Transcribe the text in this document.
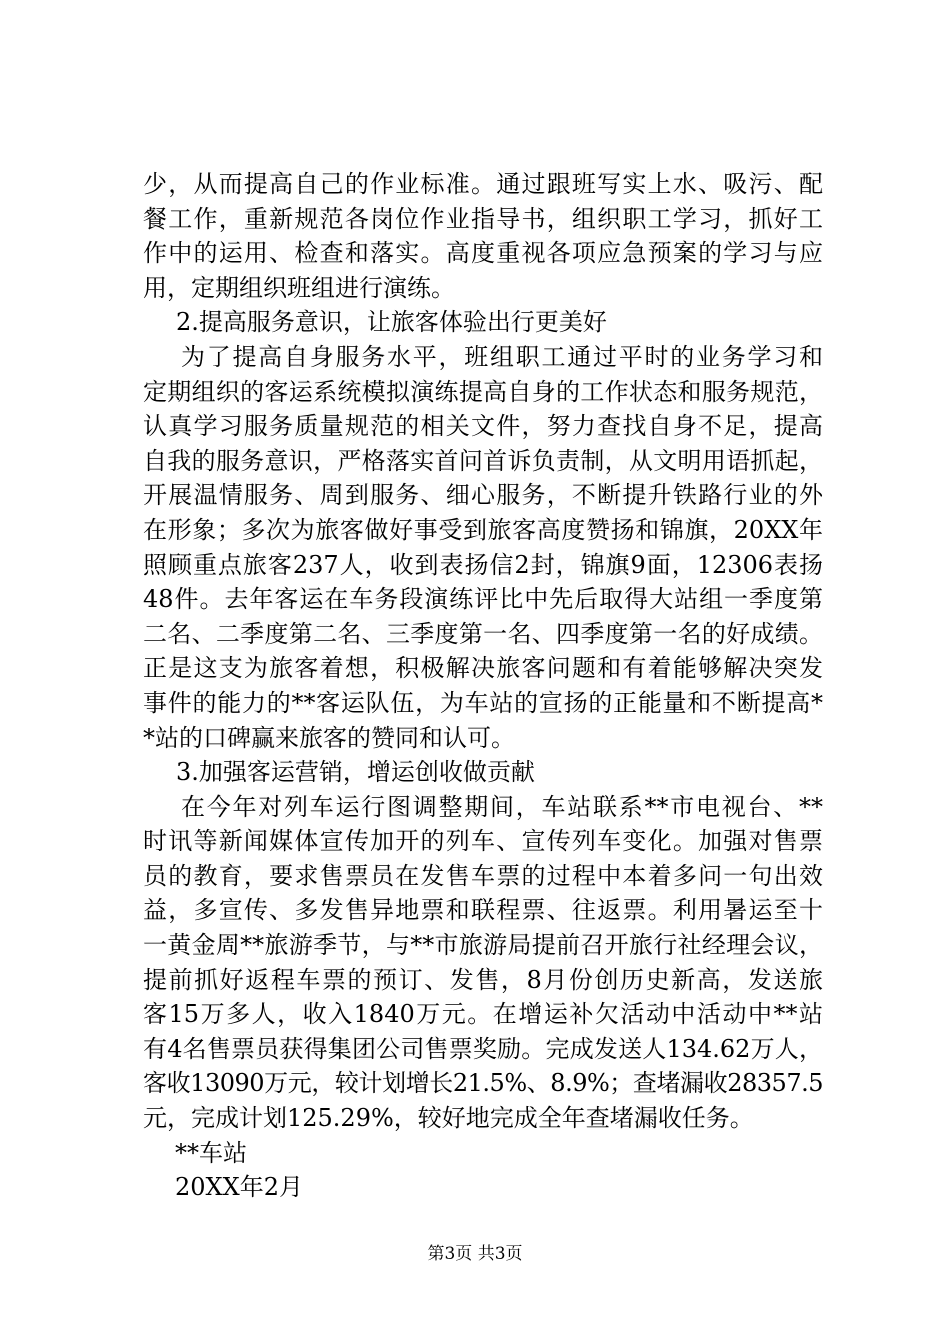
少，从而提高自己的作业标准。通过跟班写实上水、吸污、配
餐工作，重新规范各岗位作业指导书，组织职工学习，抓好工
作中的运用、检查和落实。高度重视各项应急预案的学习与应
用，定期组织班组进行演练。
2.提高服务意识，让旅客体验出行更美好
为了提高自身服务水平，班组职工通过平时的业务学习和
定期组织的客运系统模拟演练提高自身的工作状态和服务规范，
认真学习服务质量规范的相关文件，努力查找自身不足，提高
自我的服务意识，严格落实首问首诉负责制，从文明用语抓起，
开展温情服务、周到服务、细心服务，不断提升铁路行业的外
在形象；多次为旅客做好事受到旅客高度赞扬和锦旗，20XX年
照顾重点旅客237人，收到表扬信2封，锦旗9面，12306表扬
48件。去年客运在车务段演练评比中先后取得大站组一季度第
二名、二季度第二名、三季度第一名、四季度第一名的好成绩。
正是这支为旅客着想，积极解决旅客问题和有着能够解决突发
事件的能力的**客运队伍，为车站的宣扬的正能量和不断提高*
*站的口碑赢来旅客的赞同和认可。
3.加强客运营销，增运创收做贡献
在今年对列车运行图调整期间，车站联系**市电视台、**
时讯等新闻媒体宣传加开的列车、宣传列车变化。加强对售票
员的教育，要求售票员在发售车票的过程中本着多问一句出效
益，多宣传、多发售异地票和联程票、往返票。利用暑运至十
一黄金周**旅游季节，与**市旅游局提前召开旅行社经理会议，
提前抓好返程车票的预订、发售，8月份创历史新高，发送旅
客15万多人，收入1840万元。在增运补欠活动中活动中**站
有4名售票员获得集团公司售票奖励。完成发送人134.62万人，
客收13090万元，较计划增长21.5%、8.9%；查堵漏收28357.5
元，完成计划125.29%，较好地完成全年查堵漏收任务。
**车站
20XX年2月
第3页 共3页
